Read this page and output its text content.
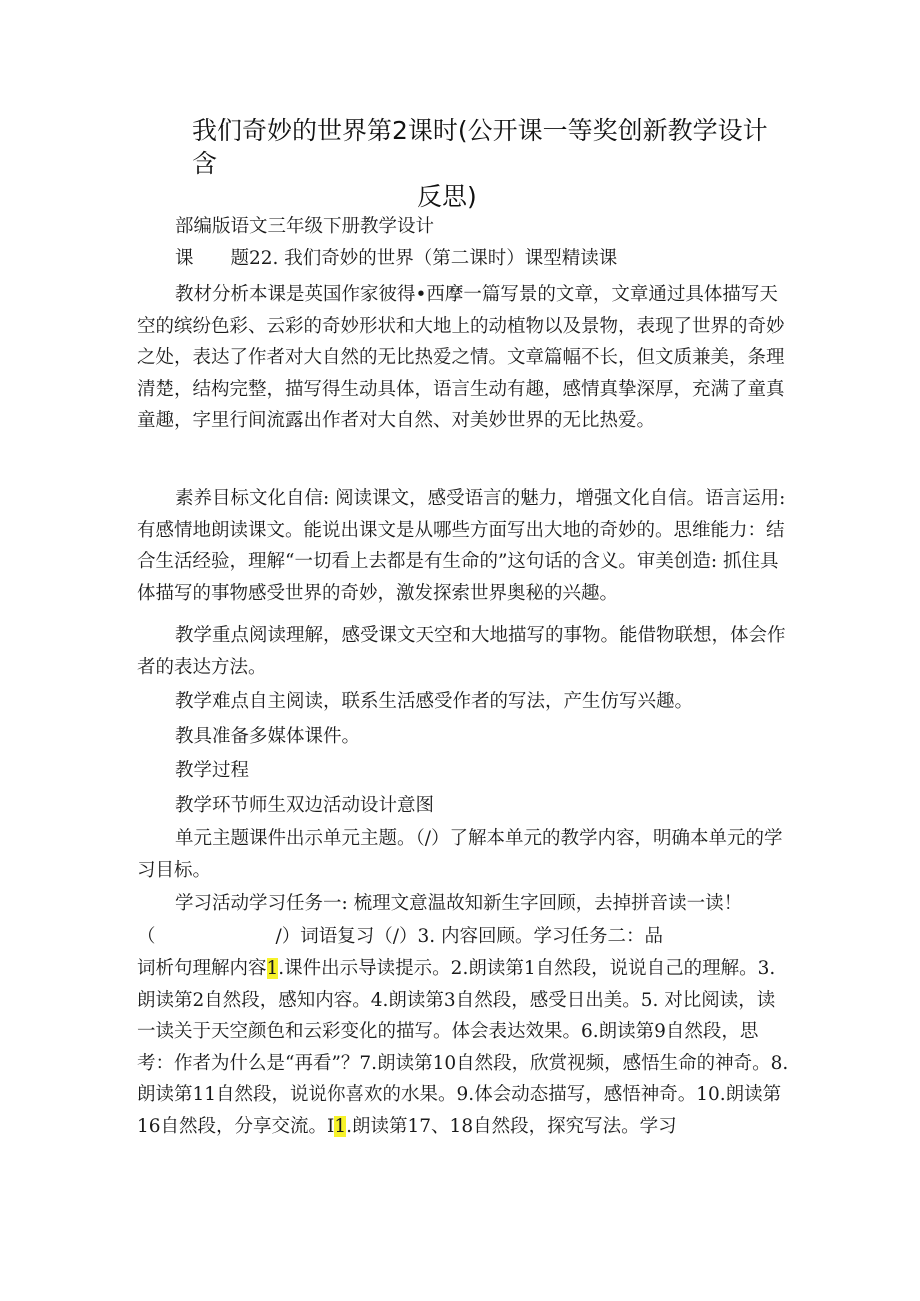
我们奇妙的世界第2课时(公开课一等奖创新教学设计含
反思)

部编版语文三年级下册教学设计

课　　题22. 我们奇妙的世界（第二课时）课型精读课

教材分析本课是英国作家彼得•西摩一篇写景的文章，文章通过具体描写天空的缤纷色彩、云彩的奇妙形状和大地上的动植物以及景物，表现了世界的奇妙之处，表达了作者对大自然的无比热爱之情。文章篇幅不长，但文质兼美，条理清楚，结构完整，描写得生动具体，语言生动有趣，感情真挚深厚，充满了童真童趣，字里行间流露出作者对大自然、对美妙世界的无比热爱。

素养目标文化自信: 阅读课文，感受语言的魅力，增强文化自信。语言运用: 有感情地朗读课文。能说出课文是从哪些方面写出大地的奇妙的。思维能力：结合生活经验，理解“一切看上去都是有生命的”这句话的含义。审美创造: 抓住具体描写的事物感受世界的奇妙，激发探索世界奥秘的兴趣。

教学重点阅读理解，感受课文天空和大地描写的事物。能借物联想，体会作者的表达方法。

教学难点自主阅读，联系生活感受作者的写法，产生仿写兴趣。

教具准备多媒体课件。

教学过程

教学环节师生双边活动设计意图

单元主题课件出示单元主题。（/）了解本单元的教学内容，明确本单元的学习目标。

学习活动学习任务一: 梳理文意温故知新生字回顾，去掉拼音读一读！

（	/）词语复习（/）3. 内容回顾。学习任务二：品

词析句理解内容1.课件出示导读提示。2.朗读第1自然段，说说自己的理解。3.朗读第2自然段，感知内容。4.朗读第3自然段，感受日出美。5. 对比阅读，读一读关于天空颜色和云彩变化的描写。体会表达效果。6.朗读第9自然段，思考：作者为什么是“再看”？7.朗读第10自然段，欣赏视频，感悟生命的神奇。8.朗读第11自然段，说说你喜欢的水果。9.体会动态描写，感悟神奇。10.朗读第16自然段，分享交流。I1.朗读第17、18自然段，探究写法。学习
